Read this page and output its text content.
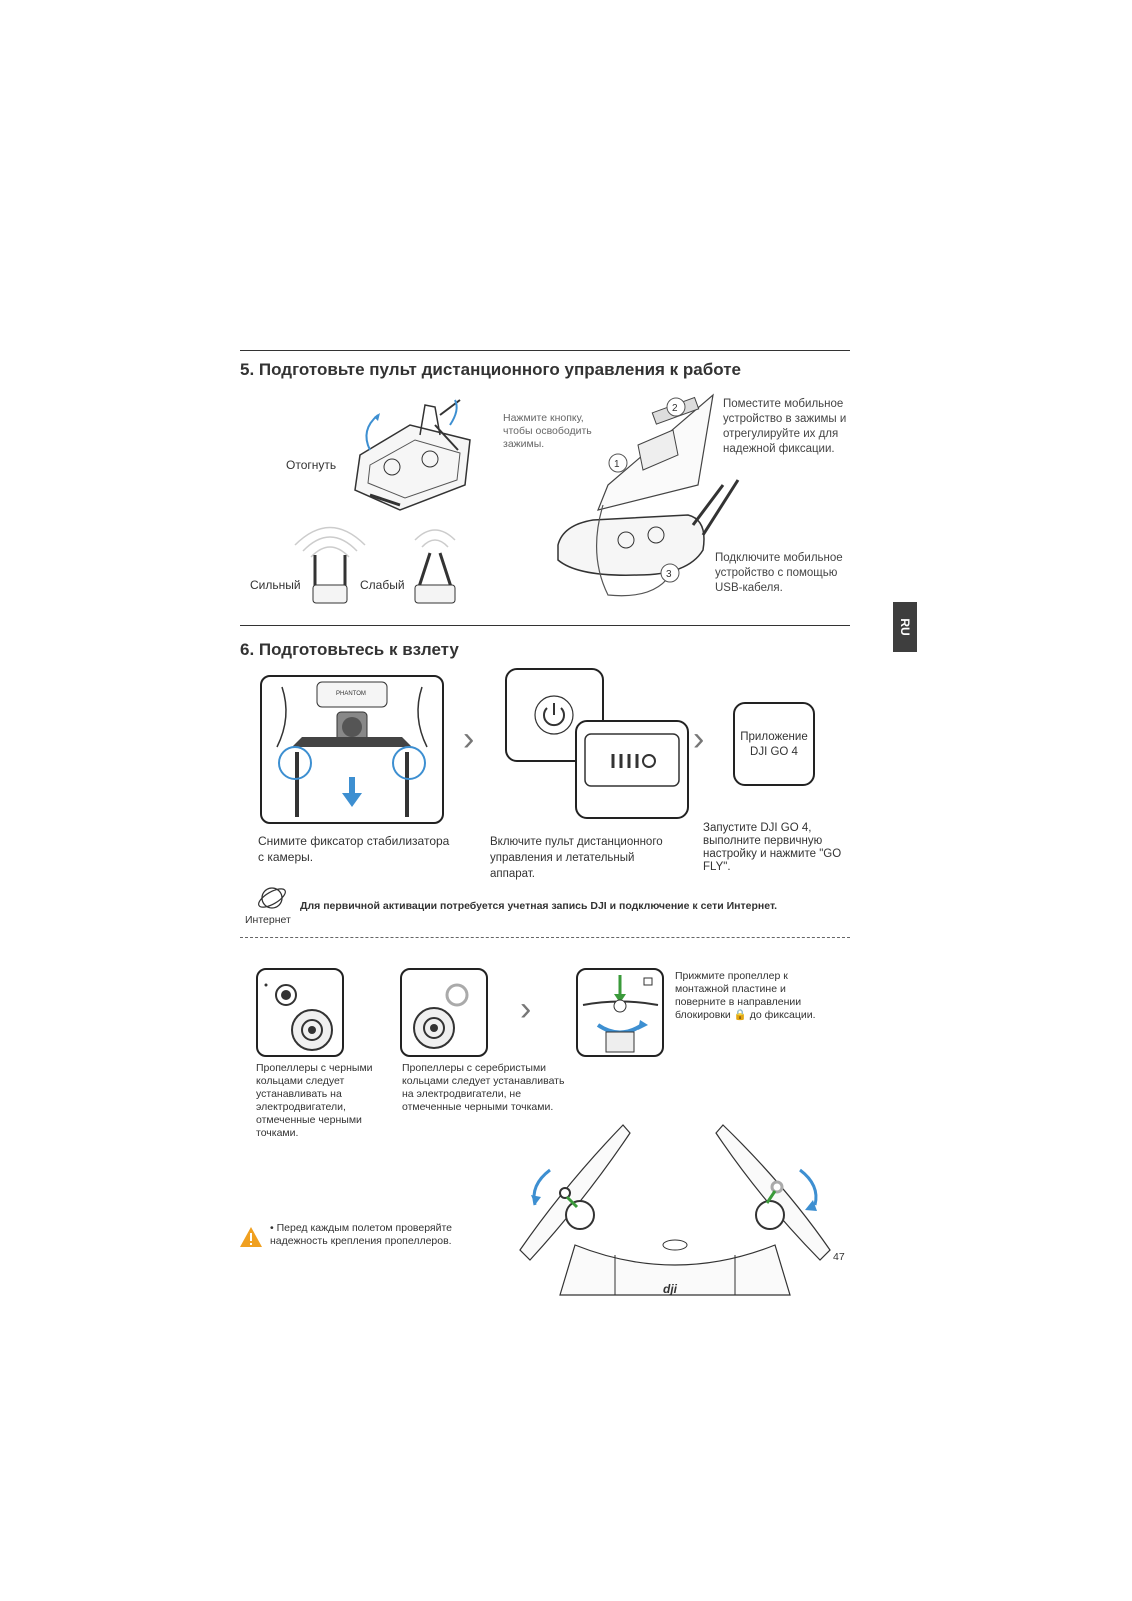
5. Подготовьте пульт дистанционного управления к работе
Отогнуть
Нажмите кнопку, чтобы освободить зажимы.
Сильный	Слабый
1
2
3
Поместите мобильное устройство в зажимы и отрегулируйте их для надежной фиксации.
Подключите мобильное устройство с помощью USB-кабеля.
RU
6. Подготовьтесь к взлету
PHANTOM
›	›	Приложение DJI GO 4
Снимите фиксатор стабилизатора с камеры.
Включите пульт дистанционного управления и летательный аппарат.
Запустите DJI GO 4, выполните первичную настройку и нажмите "GO FLY".
Интернет
Для первичной активации потребуется учетная запись DJI и подключение к сети Интернет.
›
Прижмите пропеллер к монтажной пластине и поверните в направлении блокировки 🔒 до фиксации.
Пропеллеры с черными кольцами следует устанавливать на электродвигатели, отмеченные черными точками.
Пропеллеры с серебристыми кольцами следует устанавливать на электродвигатели, не отмеченные черными точками.
dji
• Перед каждым полетом проверяйте надежность крепления пропеллеров.
47
